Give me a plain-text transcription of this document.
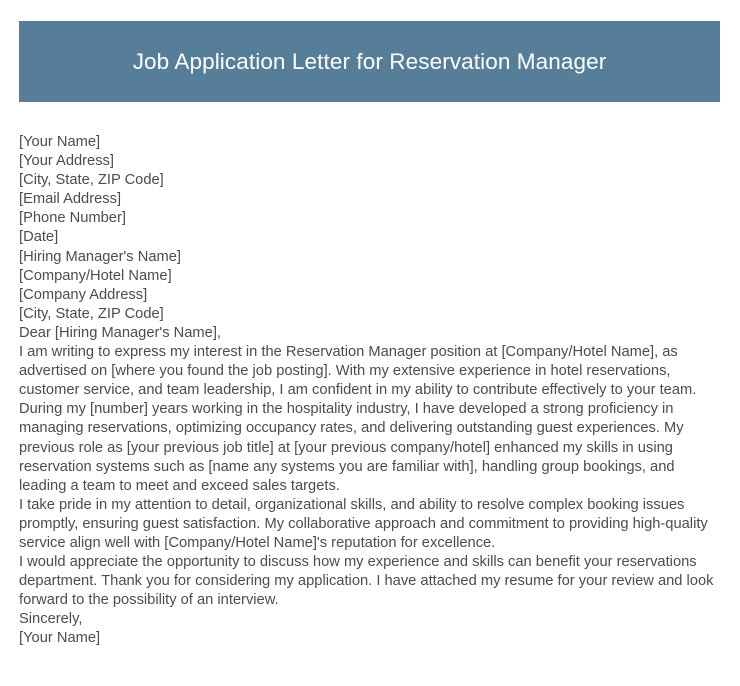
Job Application Letter for Reservation Manager
[Your Name]
[Your Address]
[City, State, ZIP Code]
[Email Address]
[Phone Number]
[Date]
[Hiring Manager's Name]
[Company/Hotel Name]
[Company Address]
[City, State, ZIP Code]
Dear [Hiring Manager's Name],

I am writing to express my interest in the Reservation Manager position at [Company/Hotel Name], as advertised on [where you found the job posting]. With my extensive experience in hotel reservations, customer service, and team leadership, I am confident in my ability to contribute effectively to your team.

During my [number] years working in the hospitality industry, I have developed a strong proficiency in managing reservations, optimizing occupancy rates, and delivering outstanding guest experiences. My previous role as [your previous job title] at [your previous company/hotel] enhanced my skills in using reservation systems such as [name any systems you are familiar with], handling group bookings, and leading a team to meet and exceed sales targets.

I take pride in my attention to detail, organizational skills, and ability to resolve complex booking issues promptly, ensuring guest satisfaction. My collaborative approach and commitment to providing high-quality service align well with [Company/Hotel Name]'s reputation for excellence.

I would appreciate the opportunity to discuss how my experience and skills can benefit your reservations department. Thank you for considering my application. I have attached my resume for your review and look forward to the possibility of an interview.

Sincerely,
[Your Name]
